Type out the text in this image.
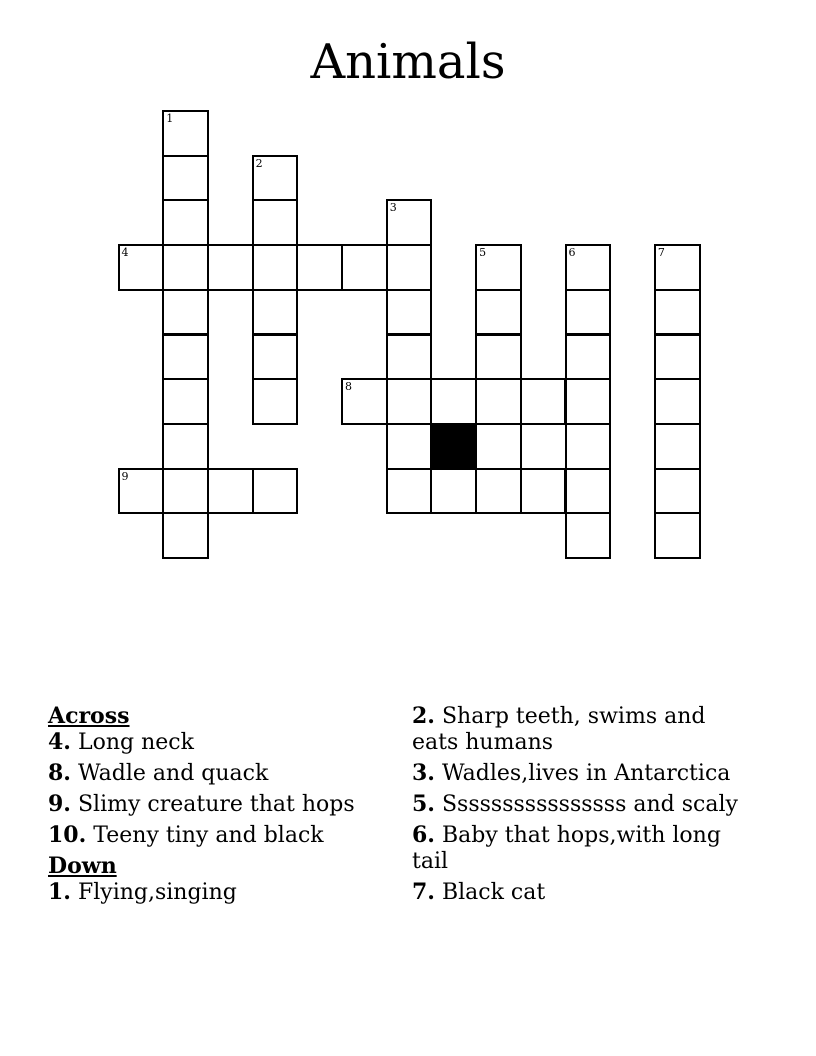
Animals
1
2
3
4	5
8
9
6	7
Across
4. Long neck
8. Wadle and quack
9. Slimy creature that hops
10. Teeny tiny and black
Down
1. Flying,singing
2. Sharp teeth, swims and eats humans
3. Wadles,lives in Antarctica
5. Ssssssssssssssss and scaly
6. Baby that hops,with long tail
7. Black cat
